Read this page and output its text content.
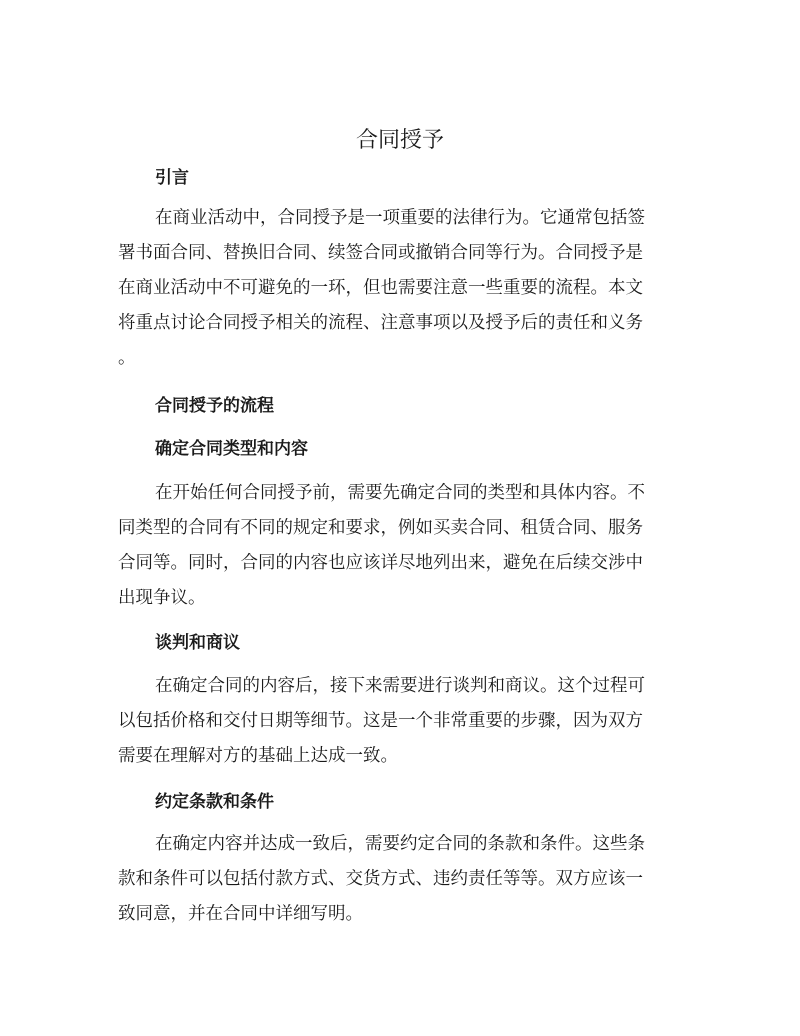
合同授予
引言
在商业活动中，合同授予是一项重要的法律行为。它通常包括签
署书面合同、替换旧合同、续签合同或撤销合同等行为。合同授予是
在商业活动中不可避免的一环，但也需要注意一些重要的流程。本文
将重点讨论合同授予相关的流程、注意事项以及授予后的责任和义务
。
合同授予的流程
确定合同类型和内容
在开始任何合同授予前，需要先确定合同的类型和具体内容。不
同类型的合同有不同的规定和要求，例如买卖合同、租赁合同、服务
合同等。同时，合同的内容也应该详尽地列出来，避免在后续交涉中
出现争议。
谈判和商议
在确定合同的内容后，接下来需要进行谈判和商议。这个过程可
以包括价格和交付日期等细节。这是一个非常重要的步骤，因为双方
需要在理解对方的基础上达成一致。
约定条款和条件
在确定内容并达成一致后，需要约定合同的条款和条件。这些条
款和条件可以包括付款方式、交货方式、违约责任等等。双方应该一
致同意，并在合同中详细写明。
